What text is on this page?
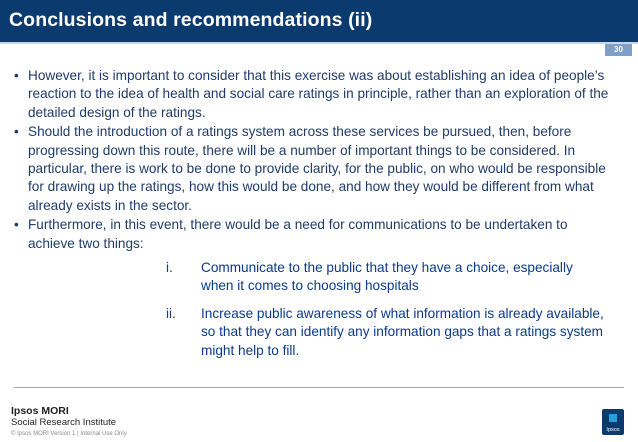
Conclusions and recommendations (ii)
30
• However, it is important to consider that this exercise was about establishing an idea of people’s reaction to the idea of health and social care ratings in principle, rather than an exploration of the detailed design of the ratings.
• Should the introduction of a ratings system across these services be pursued, then, before progressing down this route, there will be a number of important things to be considered. In particular, there is work to be done to provide clarity, for the public, on who would be responsible for drawing up the ratings, how this would be done, and how they would be different from what already exists in the sector.
• Furthermore, in this event, there would be a need for communications to be undertaken to achieve two things:
i. Communicate to the public that they have a choice, especially when it comes to choosing hospitals
ii. Increase public awareness of what information is already available, so that they can identify any information gaps that a ratings system might help to fill.
Ipsos MORI
Social Research Institute
© Ipsos MORI Version 1 | Internal Use Only
Ipsos
